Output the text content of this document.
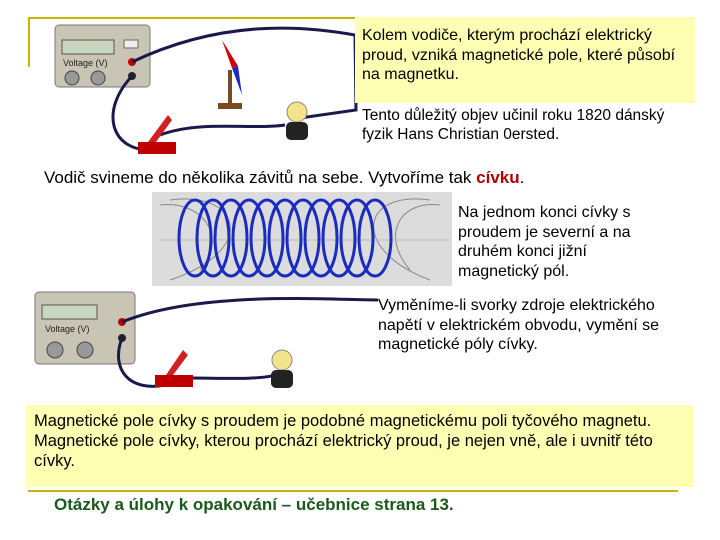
Voltage (V)
Kolem vodiče, kterým prochází elektrický proud, vzniká magnetické pole, které působí na magnetku.
Tento důležitý objev učinil roku 1820 dánský fyzik Hans Christian 0ersted.
Vodič svineme do několika závitů na sebe. Vytvoříme tak cívku.
Na jednom konci cívky s proudem je severní a na druhém konci jižní magnetický pól.
Voltage (V)
Vyměníme-li svorky zdroje elektrického napětí v elektrickém obvodu, vymění se magnetické póly cívky.
Magnetické pole cívky s proudem je podobné magnetickému poli tyčového magnetu. Magnetické pole cívky, kterou prochází elektrický proud, je nejen vně, ale i uvnitř této cívky.
Otázky a úlohy k opakování – učebnice strana 13.
